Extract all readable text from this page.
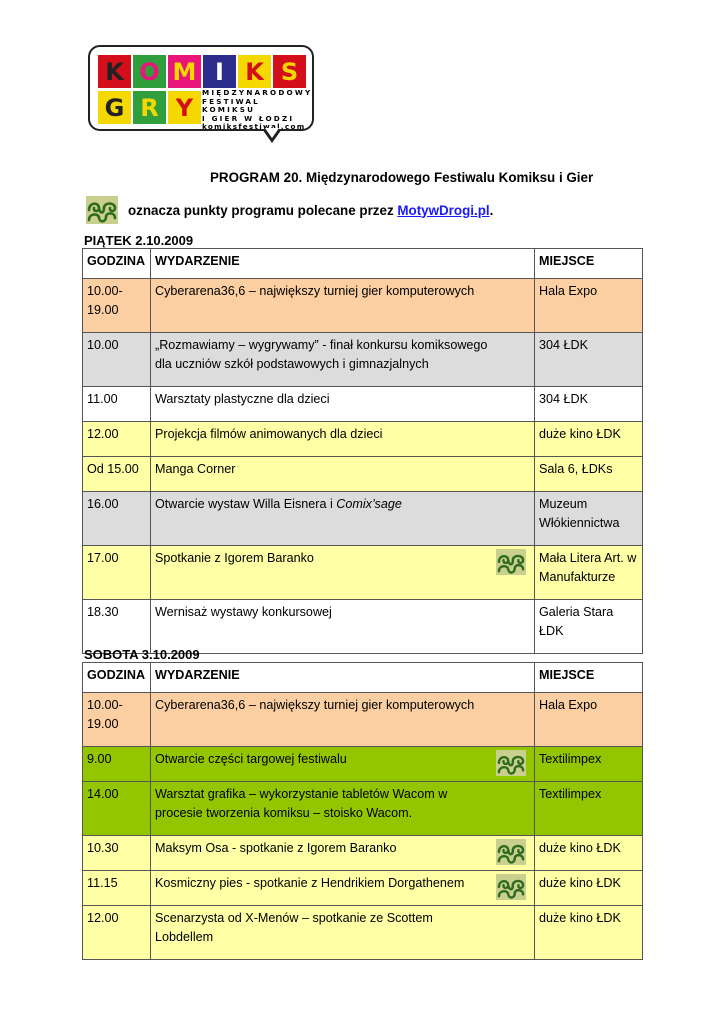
K O M I K S
G R Y
MIĘDZYNARODOWY
FESTIWAL KOMIKSU
I GIER W ŁODZI
komiksfestiwal.com
PROGRAM 20. Międzynarodowego Festiwalu Komiksu i Gier
oznacza punkty programu polecane przez MotywDrogi.pl.
PIĄTEK 2.10.2009
GODZINA	WYDARZENIE	MIEJSCE
10.00-
19.00	Cyberarena36,6 – największy turniej gier komputerowych	Hala Expo
10.00	„Rozmawiamy – wygrywamy” - finał konkursu komiksowego dla uczniów szkół podstawowych i gimnazjalnych	304 ŁDK
11.00	Warsztaty plastyczne dla dzieci	304 ŁDK
12.00	Projekcja filmów animowanych dla dzieci	duże kino ŁDK
Od 15.00	Manga Corner	Sala 6, ŁDKs
16.00	Otwarcie wystaw Willa Eisnera i Comix’sage	Muzeum Włókiennictwa
17.00	Spotkanie z Igorem Baranko	Mała Litera Art. w Manufakturze
18.30	Wernisaż wystawy konkursowej	Galeria Stara ŁDK
SOBOTA 3.10.2009
GODZINA	WYDARZENIE	MIEJSCE
10.00-
19.00	Cyberarena36,6 – największy turniej gier komputerowych	Hala Expo
9.00	Otwarcie części targowej festiwalu	Textilimpex
14.00	Warsztat grafika – wykorzystanie tabletów Wacom w procesie tworzenia komiksu – stoisko Wacom.	Textilimpex
10.30	Maksym Osa - spotkanie z Igorem Baranko	duże kino ŁDK
11.15	Kosmiczny pies - spotkanie z Hendrikiem Dorgathenem	duże kino ŁDK
12.00	Scenarzysta od X-Menów – spotkanie ze Scottem Lobdellem	duże kino ŁDK
